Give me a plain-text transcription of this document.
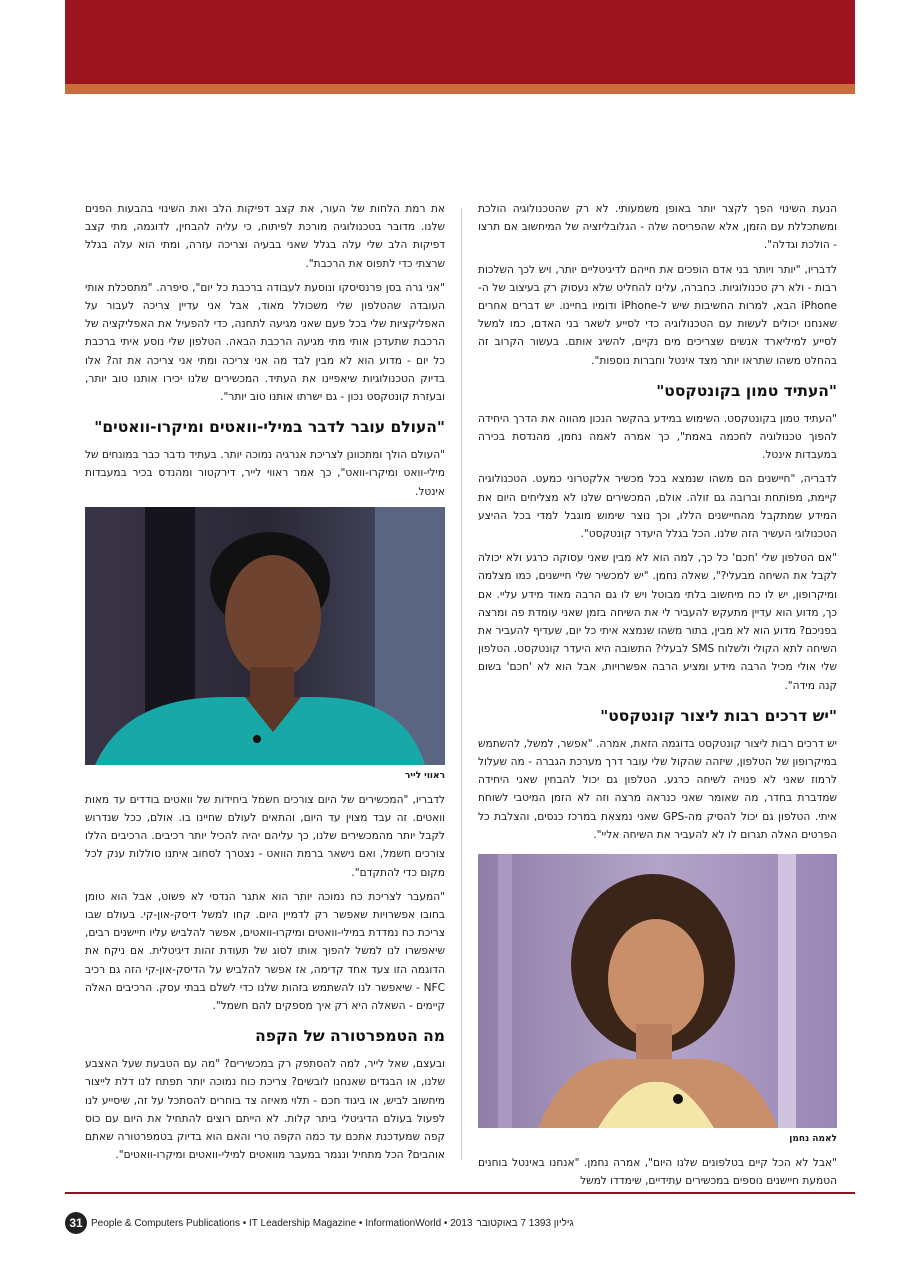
הנעת השינוי הפך לקצר יותר באופן משמעותי. לא רק שהטכנולוגיה הולכת ומשתכללת עם הזמן, אלא שהפריסה שלה - הגלובליזציה של המיחשוב אם תרצו - הולכת וגדלה".

לדבריו, "יותר ויותר בני אדם הופכים את חייהם לדיגיטליים יותר, ויש לכך השלכות רבות - ולא רק טכנולוגיות. כחברה, עלינו להחליט שלא נעסוק רק בעיצוב של ה-iPhone הבא, למרות החשיבות שיש ל-iPhone ודומיו בחיינו. יש דברים אחרים שאנחנו יכולים לעשות עם הטכנולוגיה כדי לסייע לשאר בני האדם, כמו למשל לסייע למיליארד אנשים שצריכים מים נקיים, להשיג אותם. בעשור הקרוב זה בהחלט משהו שתראו יותר מצד אינטל וחברות נוספות".

"העתיד טמון בקונטקסט"

"העתיד טמון בקונטקסט. השימוש במידע בהקשר הנכון מהווה את הדרך היחידה להפוך טכנולוגיה לחכמה באמת", כך אמרה לאמה נחמן, מהנדסת בכירה במעבדות אינטל.

לדבריה, "חיישנים הם משהו שנמצא בכל מכשיר אלקטרוני כמעט. הטכנולוגיה קיימת, מפותחת וברובה גם זולה. אולם, המכשירים שלנו לא מצליחים היום את המידע שמתקבל מהחיישנים הללו, וכך נוצר שימוש מוגבל למדי בכל ההיצע הטכנולוגי העשיר הזה שלנו. הכל בגלל היעדר קונטקסט".

"אם הטלפון שלי 'חכם' כל כך, למה הוא לא מבין שאני עסוקה כרגע ולא יכולה לקבל את השיחה מבעלי?", שאלה נחמן. "יש למכשיר שלי חיישנים, כמו מצלמה ומיקרופון, יש לו כח מיחשוב בלתי מבוטל ויש לו גם הרבה מאוד מידע עליי. אם כך, מדוע הוא עדיין מתעקש להעביר לי את השיחה בזמן שאני עומדת פה ומרצה בפניכם? מדוע הוא לא מבין, בתור משהו שנמצא איתי כל יום, שעדיף להעביר את השיחה לתא הקולי ולשלוח SMS לבעלי? התשובה היא היעדר קונטקסט. הטלפון שלי אולי מכיל הרבה מידע ומציע הרבה אפשרויות, אבל הוא לא 'חכם' בשום קנה מידה".

"יש דרכים רבות ליצור קונטקסט"

יש דרכים רבות ליצור קונטקסט בדוגמה הזאת, אמרה. "אפשר, למשל, להשתמש במיקרופון של הטלפון, שיזהה שהקול שלי עובר דרך מערכת הגברה - מה שעלול לרמוז שאני לא פנויה לשיחה כרגע. הטלפון גם יכול להבחין שאני היחידה שמדברת בחדר, מה שאומר שאני כנראה מרצה וזה לא הזמן המיטבי לשוחח איתי. הטלפון גם יכול להסיק מה-GPS שאני נמצאת במרכז כנסים, והצלבת כל הפרטים האלה תגרום לו לא להעביר את השיחה אליי".

לאמה נחמן

"אבל לא הכל קיים בטלפונים שלנו היום", אמרה נחמן. "אנחנו באינטל בוחנים הטמעת חיישנים נוספים במכשירים עתידיים, שימדדו למשל

את רמת הלחות של העור, את קצב דפיקות הלב ואת השינוי בהבעות הפנים שלנו. מדובר בטכנולוגיה מורכת לפיתוח, כי עליה להבחין, לדוגמה, מתי קצב דפיקות הלב שלי עלה בגלל שאני בבעיה וצריכה עזרה, ומתי הוא עלה בגלל שרצתי כדי לתפוס את הרכבת".

"אני גרה בסן פרנסיסקו ונוסעת לעבודה ברכבת כל יום", סיפרה. "מתסכלת אותי העובדה שהטלפון שלי משכולל מאוד, אבל אני עדיין צריכה לעבור על האפליקציות שלי בכל פעם שאני מגיעה לתחנה, כדי להפעיל את האפליקציה של הרכבת שתעדכן אותי מתי מגיעה הרכבת הבאה. הטלפון שלי נוסע איתי ברכבת כל יום - מדוע הוא לא מבין לבד מה אני צריכה ומתי אני צריכה את זה? אלו בדיוק הטכנולוגיות שיאפיינו את העתיד. המכשירים שלנו יכירו אותנו טוב יותר, ובעזרת קונטקסט נכון - גם ישרתו אותנו טוב יותר".

"העולם עובר לדבר במילי-וואטים ומיקרו-וואטים"

"העולם הולך ומתכוונן לצריכת אנרגיה נמוכה יותר. בעתיד נדבר כבר במונחים של מילי-וואט ומיקרו-וואט", כך אמר ראווי לייר, דירקטור ומהנדס בכיר במעבדות אינטל.

ראווי לייר

לדבריו, "המכשירים של היום צורכים חשמל ביחידות של וואטים בודדים עד מאות וואטים. זה עבד מצוין עד היום, והתאים לעולם שחיינו בו. אולם, ככל שנדרוש לקבל יותר מהמכשירים שלנו, כך עליהם יהיה להכיל יותר רכיבים. הרכיבים הללו צורכים חשמל, ואם נישאר ברמת הוואט - נצטרך לסחוב איתנו סוללות ענק לכל מקום כדי להתקדם".

"המעבר לצריכת כח נמוכה יותר הוא אתגר הנדסי לא פשוט, אבל הוא טומן בחובו אפשרויות שאפשר רק לדמיין היום. קחו למשל דיסק-און-קי. בעולם שבו צריכת כח נמדדת במילי-וואטים ומיקרו-וואטים, אפשר להלביש עליו חיישנים רבים, שיאפשרו לנו למשל להפוך אותו לסוג של תעודת זהות דיגיטלית. אם ניקח את הדוגמה הזו צעד אחד קדימה, אז אפשר להלביש על הדיסק-און-קי הזה גם רכיב NFC - שיאפשר לנו להשתמש בזהות שלנו כדי לשלם בבתי עסק. הרכיבים האלה קיימים - השאלה היא רק איך מספקים להם חשמל".

מה הטמפרטורה של הקפה

ובעצם, שאל לייר, למה להסתפק רק במכשירים? "מה עם הטבעת שעל האצבע שלנו, או הבגדים שאנחנו לובשים? צריכת כוח נמוכה יותר תפתח לנו דלת לייצור מיחשוב לביש, או ביגוד חכם - תלוי מאיזה צד בוחרים להסתכל על זה, שיסייע לנו לפעול בעולם הדיגיטלי ביתר קלות. לא הייתם רוצים להתחיל את היום עם כוס קפה שמעדכנת אתכם עד כמה הקפה טרי והאם הוא בדיוק בטמפרטורה שאתם אוהבים? הכל מתחיל ונגמר במעבר מוואטים למילי-וואטים ומיקרו-וואטים".

31 People & Computers Publications • IT Leadership Magazine • InformationWorld • 2013 גיליון 1393 7 באוקטובר
